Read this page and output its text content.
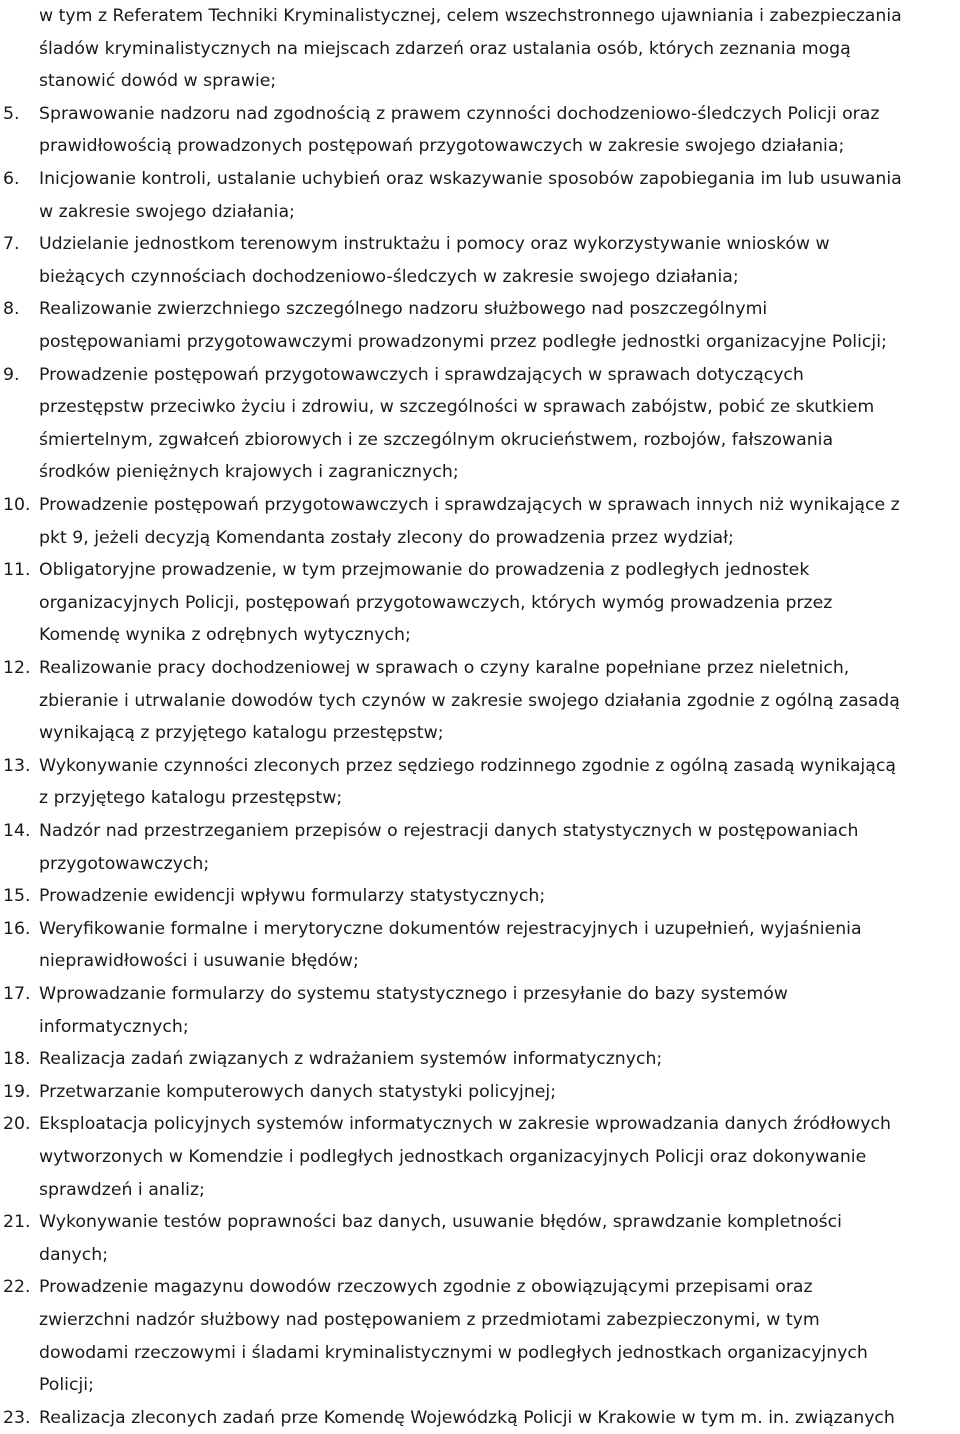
w tym z Referatem Techniki Kryminalistycznej, celem wszechstronnego ujawniania i zabezpieczania
śladów kryminalistycznych na miejscach zdarzeń oraz ustalania osób, których zeznania mogą
stanowić dowód w sprawie;
5. Sprawowanie nadzoru nad zgodnością z prawem czynności dochodzeniowo-śledczych Policji oraz
prawidłowością prowadzonych postępowań przygotowawczych w zakresie swojego działania;
6. Inicjowanie kontroli, ustalanie uchybień oraz wskazywanie sposobów zapobiegania im lub usuwania
w zakresie swojego działania;
7. Udzielanie jednostkom terenowym instruktażu i pomocy oraz wykorzystywanie wniosków w
bieżących czynnościach dochodzeniowo-śledczych w zakresie swojego działania;
8. Realizowanie zwierzchniego szczególnego nadzoru służbowego nad poszczególnymi
postępowaniami przygotowawczymi prowadzonymi przez podległe jednostki organizacyjne Policji;
9. Prowadzenie postępowań przygotowawczych i sprawdzających w sprawach dotyczących
przestępstw przeciwko życiu i zdrowiu, w szczególności w sprawach zabójstw, pobić ze skutkiem
śmiertelnym, zgwałceń zbiorowych i ze szczególnym okrucieństwem, rozbojów, fałszowania
środków pieniężnych krajowych i zagranicznych;
10. Prowadzenie postępowań przygotowawczych i sprawdzających w sprawach innych niż wynikające z
pkt 9, jeżeli decyzją Komendanta zostały zlecony do prowadzenia przez wydział;
11. Obligatoryjne prowadzenie, w tym przejmowanie do prowadzenia z podległych jednostek
organizacyjnych Policji, postępowań przygotowawczych, których wymóg prowadzenia przez
Komendę wynika z odrębnych wytycznych;
12. Realizowanie pracy dochodzeniowej w sprawach o czyny karalne popełniane przez nieletnich,
zbieranie i utrwalanie dowodów tych czynów w zakresie swojego działania zgodnie z ogólną zasadą
wynikającą z przyjętego katalogu przestępstw;
13. Wykonywanie czynności zleconych przez sędziego rodzinnego zgodnie z ogólną zasadą wynikającą
z przyjętego katalogu przestępstw;
14. Nadzór nad przestrzeganiem przepisów o rejestracji danych statystycznych w postępowaniach
przygotowawczych;
15. Prowadzenie ewidencji wpływu formularzy statystycznych;
16. Weryfikowanie formalne i merytoryczne dokumentów rejestracyjnych i uzupełnień, wyjaśnienia
nieprawidłowości i usuwanie błędów;
17. Wprowadzanie formularzy do systemu statystycznego i przesyłanie do bazy systemów
informatycznych;
18. Realizacja zadań związanych z wdrażaniem systemów informatycznych;
19. Przetwarzanie komputerowych danych statystyki policyjnej;
20. Eksploatacja policyjnych systemów informatycznych w zakresie wprowadzania danych źródłowych
wytworzonych w Komendzie i podległych jednostkach organizacyjnych Policji oraz dokonywanie
sprawdzeń i analiz;
21. Wykonywanie testów poprawności baz danych, usuwanie błędów, sprawdzanie kompletności
danych;
22. Prowadzenie magazynu dowodów rzeczowych zgodnie z obowiązującymi przepisami oraz
zwierzchni nadzór służbowy nad postępowaniem z przedmiotami zabezpieczonymi, w tym
dowodami rzeczowymi i śladami kryminalistycznymi w podległych jednostkach organizacyjnych
Policji;
23. Realizacja zleconych zadań prze Komendę Wojewódzką Policji w Krakowie w tym m. in. związanych
